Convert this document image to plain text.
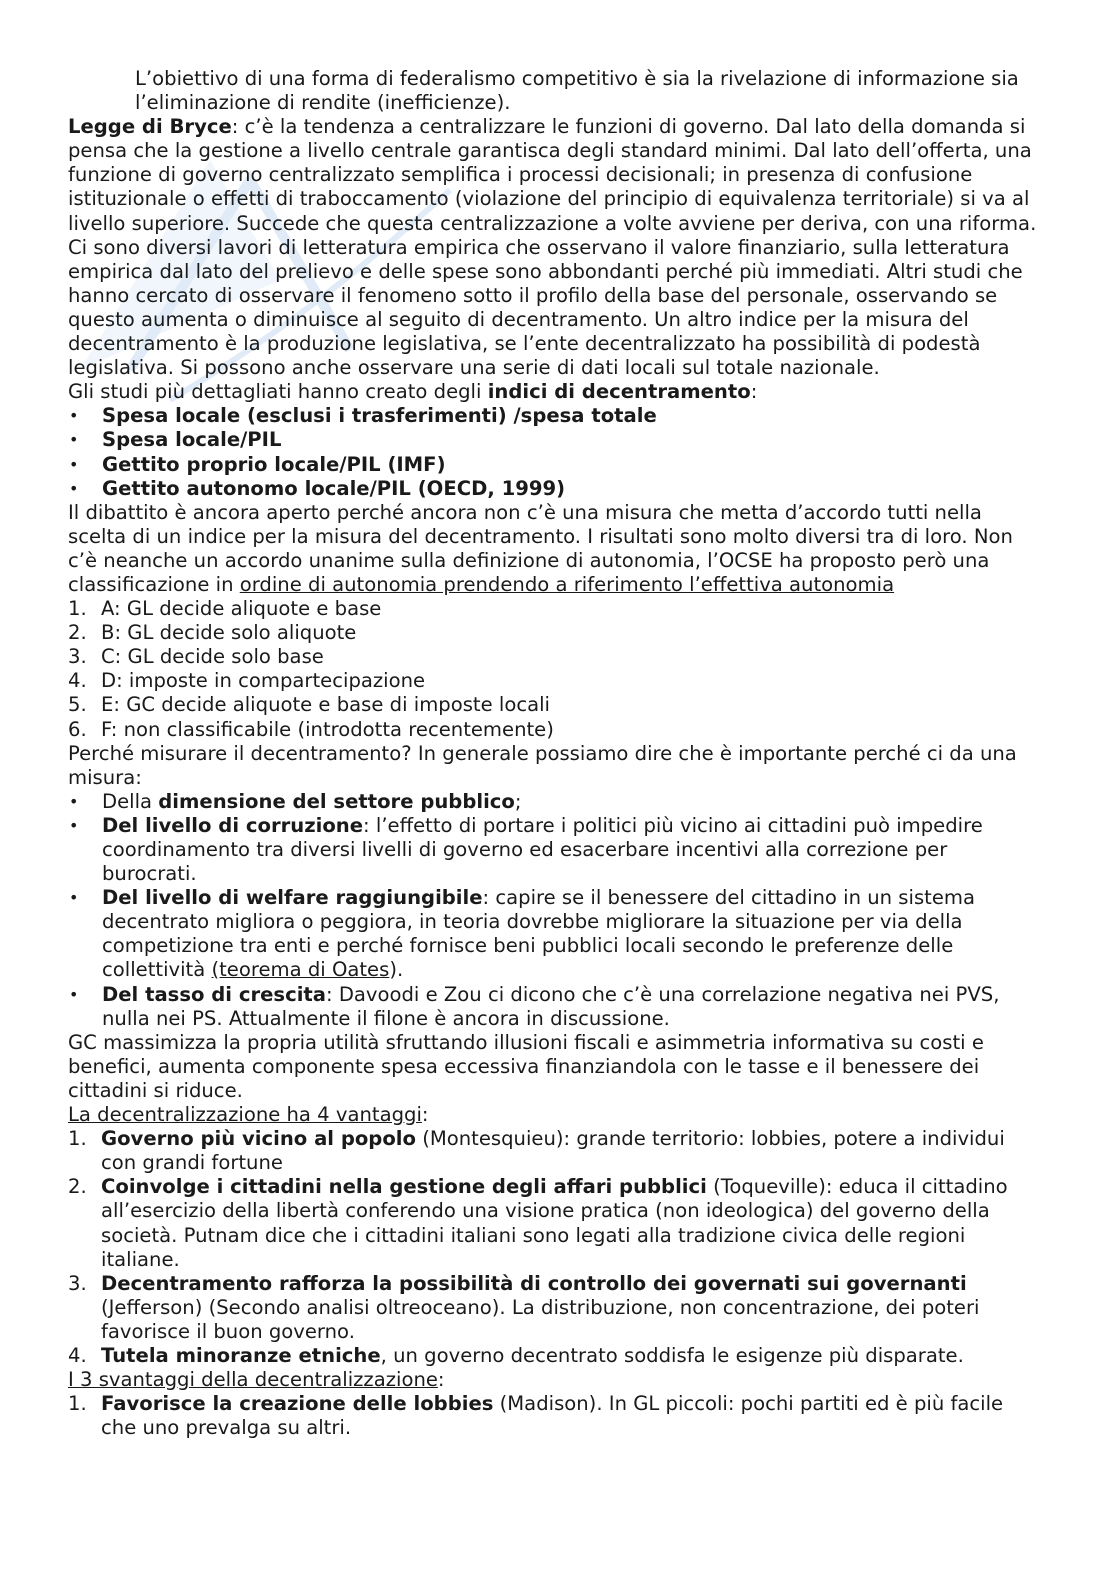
L’obiettivo di una forma di federalismo competitivo è sia la rivelazione di informazione sia l’eliminazione di rendite (inefficienze).

Legge di Bryce: c’è la tendenza a centralizzare le funzioni di governo. Dal lato della domanda si pensa che la gestione a livello centrale garantisca degli standard minimi. Dal lato dell’offerta, una funzione di governo centralizzato semplifica i processi decisionali; in presenza di confusione istituzionale o effetti di traboccamento (violazione del principio di equivalenza territoriale) si va al livello superiore. Succede che questa centralizzazione a volte avviene per deriva, con una riforma.

Ci sono diversi lavori di letteratura empirica che osservano il valore finanziario, sulla letteratura empirica dal lato del prelievo e delle spese sono abbondanti perché più immediati. Altri studi che hanno cercato di osservare il fenomeno sotto il profilo della base del personale, osservando se questo aumenta o diminuisce al seguito di decentramento. Un altro indice per la misura del decentramento è la produzione legislativa, se l’ente decentralizzato ha possibilità di podestà legislativa. Si possono anche osservare una serie di dati locali sul totale nazionale.

Gli studi più dettagliati hanno creato degli indici di decentramento:

•	Spesa locale (esclusi i trasferimenti) /spesa totale
•	Spesa locale/PIL
•	Gettito proprio locale/PIL (IMF)
•	Gettito autonomo locale/PIL (OECD, 1999)

Il dibattito è ancora aperto perché ancora non c’è una misura che metta d’accordo tutti nella scelta di un indice per la misura del decentramento. I risultati sono molto diversi tra di loro. Non c’è neanche un accordo unanime sulla definizione di autonomia, l’OCSE ha proposto però una classificazione in ordine di autonomia prendendo a riferimento l’effettiva autonomia

1. A: GL decide aliquote e base
2. B: GL decide solo aliquote
3. C: GL decide solo base
4. D: imposte in compartecipazione
5. E: GC decide aliquote e base di imposte locali
6. F: non classificabile (introdotta recentemente)

Perché misurare il decentramento? In generale possiamo dire che è importante perché ci da una misura:

•	Della dimensione del settore pubblico;
•	Del livello di corruzione: l’effetto di portare i politici più vicino ai cittadini può impedire coordinamento tra diversi livelli di governo ed esacerbare incentivi alla correzione per burocrati.
•	Del livello di welfare raggiungibile: capire se il benessere del cittadino in un sistema decentrato migliora o peggiora, in teoria dovrebbe migliorare la situazione per via della competizione tra enti e perché fornisce beni pubblici locali secondo le preferenze delle collettività (teorema di Oates).
•	Del tasso di crescita: Davoodi e Zou ci dicono che c’è una correlazione negativa nei PVS, nulla nei PS. Attualmente il filone è ancora in discussione.

GC massimizza la propria utilità sfruttando illusioni fiscali e asimmetria informativa su costi e benefici, aumenta componente spesa eccessiva finanziandola con le tasse e il benessere dei cittadini si riduce.

La decentralizzazione ha 4 vantaggi:

1. Governo più vicino al popolo (Montesquieu): grande territorio: lobbies, potere a individui con grandi fortune
2. Coinvolge i cittadini nella gestione degli affari pubblici (Toqueville): educa il cittadino all’esercizio della libertà conferendo una visione pratica (non ideologica) del governo della società. Putnam dice che i cittadini italiani sono legati alla tradizione civica delle regioni italiane.
3. Decentramento rafforza la possibilità di controllo dei governati sui governanti (Jefferson) (Secondo analisi oltreoceano). La distribuzione, non concentrazione, dei poteri favorisce il buon governo.
4. Tutela minoranze etniche, un governo decentrato soddisfa le esigenze più disparate.

I 3 svantaggi della decentralizzazione:

1. Favorisce la creazione delle lobbies (Madison). In GL piccoli: pochi partiti ed è più facile che uno prevalga su altri.
